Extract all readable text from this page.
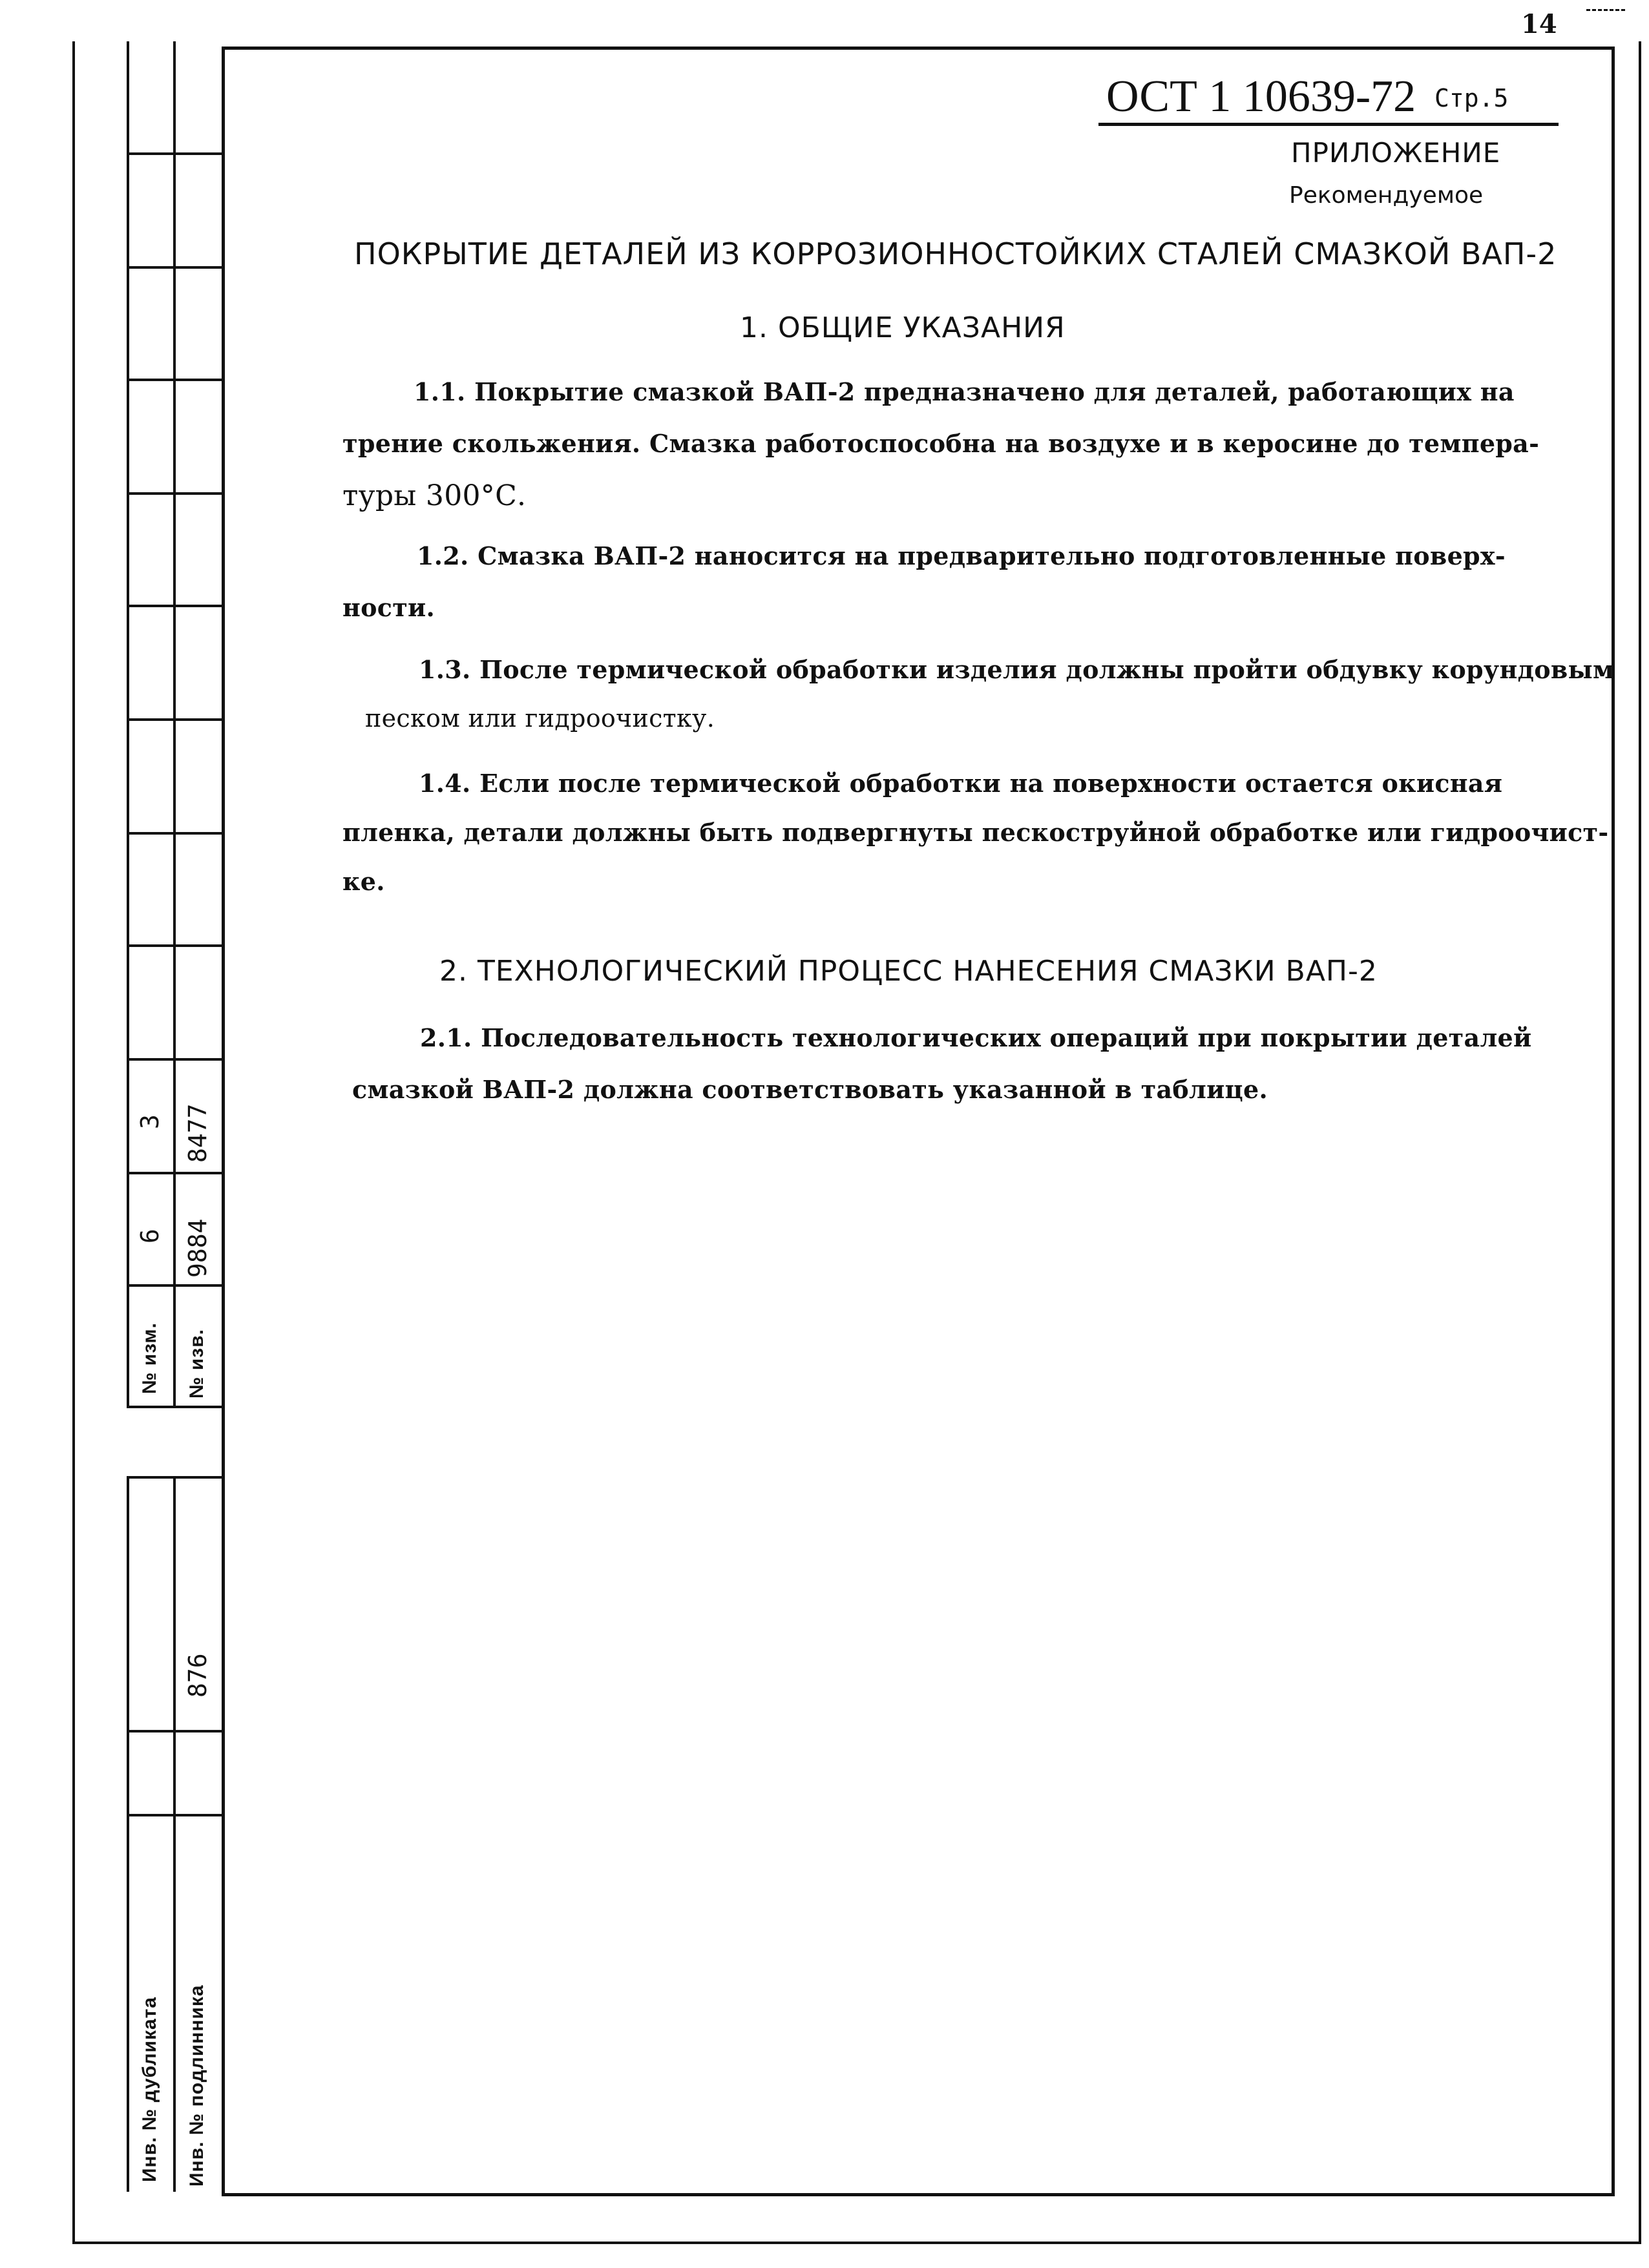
14
3
6
8477
9884
№ изм. № изв.
876
Инв. № дубликата Инв. № подлинника
ОСТ 1 10639-72 Стр.5
ПРИЛОЖЕНИЕ
Рекомендуемое
ПОКРЫТИЕ ДЕТАЛЕЙ ИЗ КОРРОЗИОННОСТОЙКИХ СТАЛЕЙ СМАЗКОЙ ВАП-2
1. ОБЩИЕ УКАЗАНИЯ
1.1. Покрытие смазкой ВАП-2 предназначено для деталей, работающих на
трение скольжения. Смазка работоспособна на воздухе и в керосине до темпера-
туры 300°С.
1.2. Смазка ВАП-2 наносится на предварительно подготовленные поверх-
ности.
1.3. После термической обработки изделия должны пройти обдувку корундовым
песком или гидроочистку.
1.4. Если после термической обработки на поверхности остается окисная
пленка, детали должны быть подвергнуты пескоструйной обработке или гидроочист-
ке.
2. ТЕХНОЛОГИЧЕСКИЙ ПРОЦЕСС НАНЕСЕНИЯ СМАЗКИ ВАП-2
2.1. Последовательность технологических операций при покрытии деталей
смазкой ВАП-2 должна соответствовать указанной в таблице.
